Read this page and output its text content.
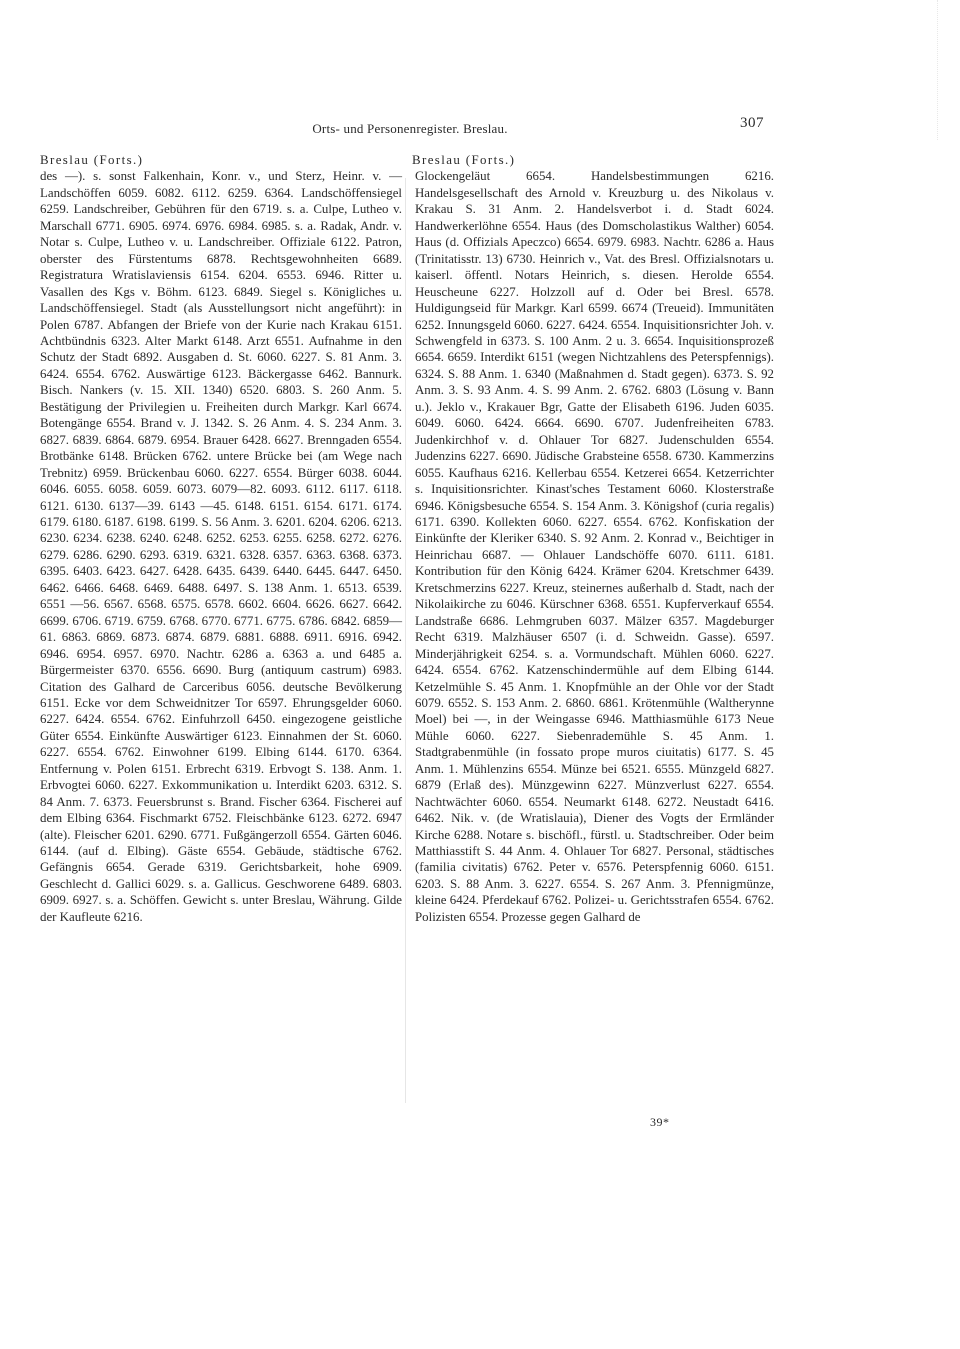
Orts- und Personenregister. Breslau.	307
Breslau (Forts.)
des —). s. sonst Falkenhain, Konr. v., und Sterz, Heinr. v. — Landschöffen 6059. 6082. 6112. 6259. 6364. Landschöffensiegel 6259. Landschreiber, Gebühren für den 6719. s. a. Culpe, Lutheo v. Marschall 6771. 6905. 6974. 6976. 6984. 6985. s. a. Radak, Andr. v. Notar s. Culpe, Lutheo v. u. Landschreiber. Offiziale 6122. Patron, oberster des Fürstentums 6878. Rechtsgewohnheiten 6689. Registratura Wratislaviensis 6154. 6204. 6553. 6946. Ritter u. Vasallen des Kgs v. Böhm. 6123. 6849. Siegel s. Königliches u. Landschöffensiegel. Stadt (als Ausstellungsort nicht angeführt): in Polen 6787. Abfangen der Briefe von der Kurie nach Krakau 6151. Achtbündnis 6323. Alter Markt 6148. Arzt 6551. Aufnahme in den Schutz der Stadt 6892. Ausgaben d. St. 6060. 6227. S. 81 Anm. 3. 6424. 6554. 6762. Auswärtige 6123. Bäckergasse 6462. Bannurk. Bisch. Nankers (v. 15. XII. 1340) 6520. 6803. S. 260 Anm. 5. Bestätigung der Privilegien u. Freiheiten durch Markgr. Karl 6674. Botengänge 6554. Brand v. J. 1342. S. 26 Anm. 4. S. 234 Anm. 3. 6827. 6839. 6864. 6879. 6954. Brauer 6428. 6627. Brenngaden 6554. Brotbänke 6148. Brücken 6762. untere Brücke bei (am Wege nach Trebnitz) 6959. Brückenbau 6060. 6227. 6554. Bürger 6038. 6044. 6046. 6055. 6058. 6059. 6073. 6079—82. 6093. 6112. 6117. 6118. 6121. 6130. 6137—39. 6143 —45. 6148. 6151. 6154. 6171. 6174. 6179. 6180. 6187. 6198. 6199. S. 56 Anm. 3. 6201. 6204. 6206. 6213. 6230. 6234. 6238. 6240. 6248. 6252. 6253. 6255. 6258. 6272. 6276. 6279. 6286. 6290. 6293. 6319. 6321. 6328. 6357. 6363. 6368. 6373. 6395. 6403. 6423. 6427. 6428. 6435. 6439. 6440. 6445. 6447. 6450. 6462. 6466. 6468. 6469. 6488. 6497. S. 138 Anm. 1. 6513. 6539. 6551 —56. 6567. 6568. 6575. 6578. 6602. 6604. 6626. 6627. 6642. 6699. 6706. 6719. 6759. 6768. 6770. 6771. 6775. 6786. 6842. 6859—61. 6863. 6869. 6873. 6874. 6879. 6881. 6888. 6911. 6916. 6942. 6946. 6954. 6957. 6970. Nachtr. 6286 a. 6363 a. und 6485 a. Bürgermeister 6370. 6556. 6690. Burg (antiquum castrum) 6983. Citation des Galhard de Carceribus 6056. deutsche Bevölkerung 6151. Ecke vor dem Schweidnitzer Tor 6597. Ehrungsgelder 6060. 6227. 6424. 6554. 6762. Einfuhrzoll 6450. eingezogene geistliche Güter 6554. Einkünfte Auswärtiger 6123. Einnahmen der St. 6060. 6227. 6554. 6762. Einwohner 6199. Elbing 6144. 6170. 6364. Entfernung v. Polen 6151. Erbrecht 6319. Erbvogt S. 138. Anm. 1. Erbvogtei 6060. 6227. Exkommunikation u. Interdikt 6203. 6312. S. 84 Anm. 7. 6373. Feuersbrunst s. Brand. Fischer 6364. Fischerei auf dem Elbing 6364. Fischmarkt 6752. Fleischbänke 6123. 6272. 6947 (alte). Fleischer 6201. 6290. 6771. Fußgängerzoll 6554. Gärten 6046. 6144. (auf d. Elbing). Gäste 6554. Gebäude, städtische 6762. Gefängnis 6654. Gerade 6319. Gerichtsbarkeit, hohe 6909. Geschlecht d. Gallici 6029. s. a. Gallicus. Geschworene 6489. 6803. 6909. 6927. s. a. Schöffen. Gewicht s. unter Breslau, Währung. Gilde der Kaufleute 6216.
Breslau (Forts.)
Glockengeläut 6654. Handelsbestimmungen 6216. Handelsgesellschaft des Arnold v. Kreuzburg u. des Nikolaus v. Krakau S. 31 Anm. 2. Handelsverbot i. d. Stadt 6024. Handwerkerlöhne 6554. Haus (des Domscholastikus Walther) 6054. Haus (d. Offizials Apeczco) 6654. 6979. 6983. Nachtr. 6286 a. Haus (Trinitatisstr. 13) 6730. Heinrich v., Vat. des Bresl. Offizialsnotars u. kaiserl. öffentl. Notars Heinrich, s. diesen. Herolde 6554. Heuscheune 6227. Holzzoll auf d. Oder bei Bresl. 6578. Huldigungseid für Markgr. Karl 6599. 6674 (Treueid). Immunitäten 6252. Innungsgeld 6060. 6227. 6424. 6554. Inquisitionsrichter Joh. v. Schwengfeld in 6373. S. 100 Anm. 2 u. 3. 6654. Inquisitionsprozeß 6654. 6659. Interdikt 6151 (wegen Nichtzahlens des Peterspfennigs). 6324. S. 88 Anm. 1. 6340 (Maßnahmen d. Stadt gegen). 6373. S. 92 Anm. 3. S. 93 Anm. 4. S. 99 Anm. 2. 6762. 6803 (Lösung v. Bann u.). Jeklo v., Krakauer Bgr, Gatte der Elisabeth 6196. Juden 6035. 6049. 6060. 6424. 6664. 6690. 6707. Judenfreiheiten 6783. Judenkirchhof v. d. Ohlauer Tor 6827. Judenschulden 6554. Judenzins 6227. 6690. Jüdische Grabsteine 6558. 6730. Kammerzins 6055. Kaufhaus 6216. Kellerbau 6554. Ketzerei 6654. Ketzerrichter s. Inquisitionsrichter. Kinast'sches Testament 6060. Klosterstraße 6946. Königsbesuche 6554. S. 154 Anm. 3. Königshof (curia regalis) 6171. 6390. Kollekten 6060. 6227. 6554. 6762. Konfiskation der Einkünfte der Kleriker 6340. S. 92 Anm. 2. Konrad v., Beichtiger in Heinrichau 6687. — Ohlauer Landschöffe 6070. 6111. 6181. Kontribution für den König 6424. Krämer 6204. Kretschmer 6439. Kretschmerzins 6227. Kreuz, steinernes außerhalb d. Stadt, nach der Nikolaikirche zu 6046. Kürschner 6368. 6551. Kupferverkauf 6554. Landstraße 6686. Lehmgruben 6037. Mälzer 6357. Magdeburger Recht 6319. Malzhäuser 6507 (i. d. Schweidn. Gasse). 6597. Minderjährigkeit 6254. s. a. Vormundschaft. Mühlen 6060. 6227. 6424. 6554. 6762. Katzenschindermühle auf dem Elbing 6144. Ketzelmühle S. 45 Anm. 1. Knopfmühle an der Ohle vor der Stadt 6079. 6552. S. 153 Anm. 2. 6860. 6861. Krötenmühle (Waltherynne Moel) bei —, in der Weingasse 6946. Matthiasmühle 6173 Neue Mühle 6060. 6227. Siebenrademühle S. 45 Anm. 1. Stadtgrabenmühle (in fossato prope muros ciuitatis) 6177. S. 45 Anm. 1. Mühlenzins 6554. Münze bei 6521. 6555. Münzgeld 6827. 6879 (Erlaß des). Münzgewinn 6227. Münzverlust 6227. 6554. Nachtwächter 6060. 6554. Neumarkt 6148. 6272. Neustadt 6416. 6462. Nik. v. (de Wratislauia), Diener des Vogts der Ermländer Kirche 6288. Notare s. bischöfl., fürstl. u. Stadtschreiber. Oder beim Matthiasstift S. 44 Anm. 4. Ohlauer Tor 6827. Personal, städtisches (familia civitatis) 6762. Peter v. 6576. Peterspfennig 6060. 6151. 6203. S. 88 Anm. 3. 6227. 6554. S. 267 Anm. 3. Pfennigmünze, kleine 6424. Pferdekauf 6762. Polizei- u. Gerichtsstrafen 6554. 6762. Polizisten 6554. Prozesse gegen Galhard de
39*
